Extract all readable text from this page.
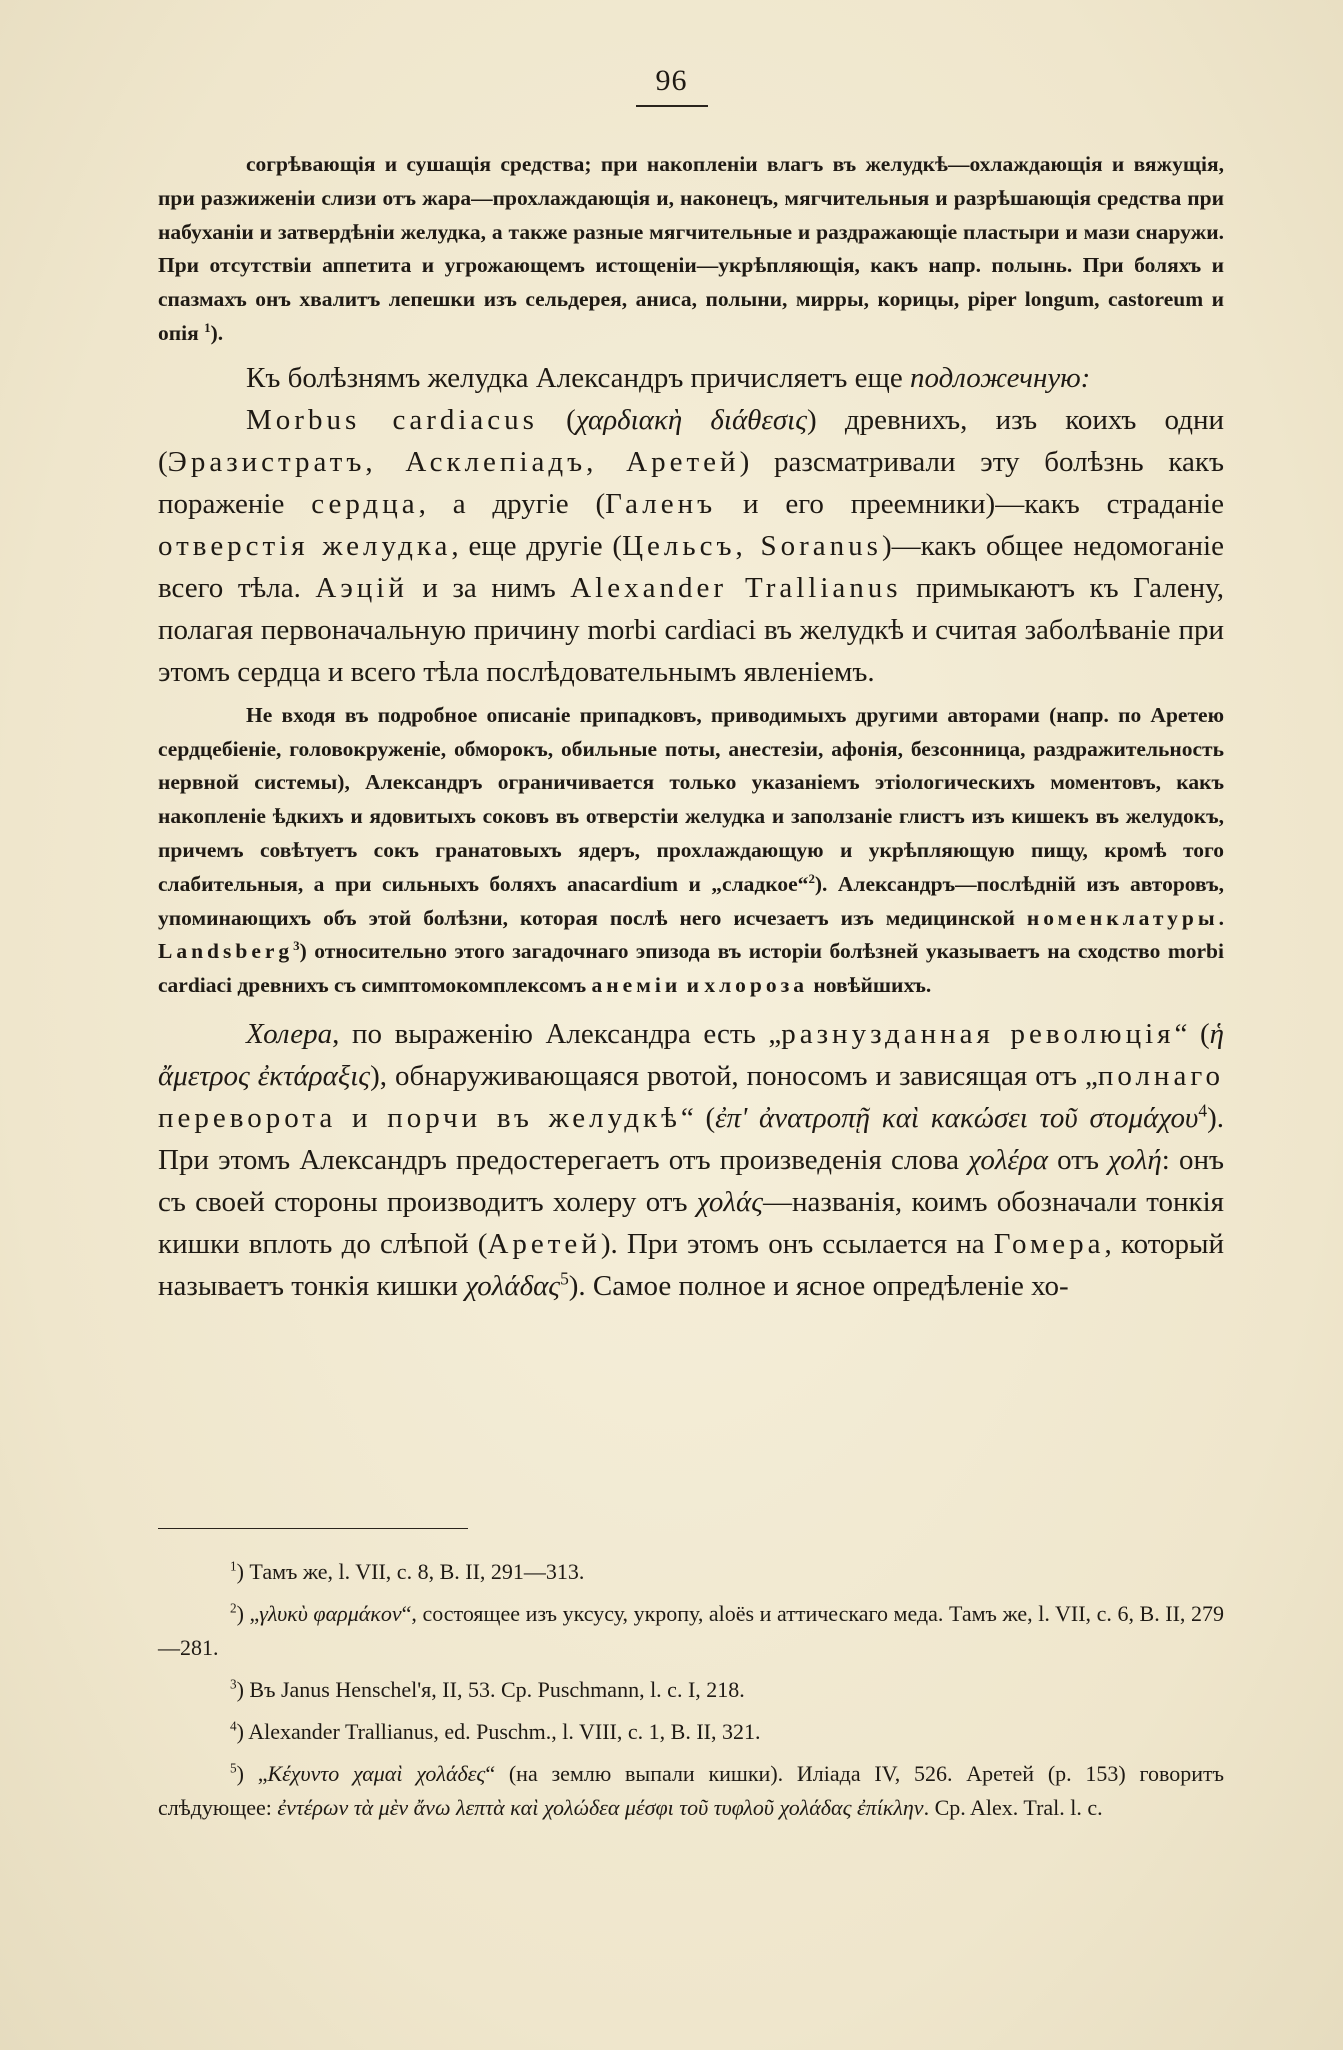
96

согрѣвающія и сушащія средства; при накопленіи влагъ въ желудкѣ—охлаждающія и вяжущія, при разжиженіи слизи отъ жара—прохлаждающія и, наконецъ, мягчительныя и разрѣшающія средства при набуханіи и затвердѣніи желудка, а также разные мягчительные и раздражающіе пластыри и мази снаружи. При отсутствіи аппетита и угрожающемъ истощеніи—укрѣпляющія, какъ напр. полынь. При боляхъ и спазмахъ онъ хвалитъ лепешки изъ сельдерея, аниса, полыни, мирры, корицы, piper longum, castoreum и опія $^1$).

Къ болѣзнямъ желудка Александръ причисляетъ еще подложечную:

Morbus cardiacus (χαρδιακὴ διάθεσις) древнихъ, изъ коихъ одни (Эразистратъ, Асклепіадъ, Аретей) разсматривали эту болѣзнь какъ пораженіе сердца, а другіе (Галенъ и его преемники)—какъ страданіе отверстія желудка, еще другіе (Цельсъ, Soranus)—какъ общее недомоганіе всего тѣла. Аэцій и за нимъ Alexander Trallianus примыкаютъ къ Галену, полагая первоначальную причину morbi cardiaci въ желудкѣ и считая заболѣваніе при этомъ сердца и всего тѣла послѣдовательнымъ явленіемъ.

Не входя въ подробное описаніе припадковъ, приводимыхъ другими авторами (напр. по Аретею сердцебіеніе, головокруженіе, обморокъ, обильные поты, анестезіи, афонія, безсонница, раздражительность нервной системы), Александръ ограничивается только указаніемъ этіологическихъ моментовъ, какъ накопленіе ѣдкихъ и ядовитыхъ соковъ въ отверстіи желудка и заползаніе глистъ изъ кишекъ въ желудокъ, причемъ совѣтуетъ сокъ гранатовыхъ ядеръ, прохлаждающую и укрѣпляющую пищу, кромѣ того слабительныя, а при сильныхъ боляхъ anacardium и „сладкое“$^2$). Александръ—послѣдній изъ авторовъ, упоминающихъ объ этой болѣзни, которая послѣ него исчезаетъ изъ медицинской номенклатуры. Landsberg$^3$) относительно этого загадочнаго эпизода въ исторіи болѣзней указываетъ на сходство morbi cardiaci древнихъ съ симптомокомплексомъ анеміи и хлороза новѣйшихъ.

Холера, по выраженію Александра есть „разнузданная революція“ (ἡ ἄμετρος ἐκτάραξις), обнаруживающаяся рвотой, поносомъ и зависящая отъ „полнаго переворота и порчи въ желудкѣ“ (ἐπ' ἀνατροπῇ καὶ κακώσει τοῦ στομάχου$^4$). При этомъ Александръ предостерегаетъ отъ произведенія слова χολέρα отъ χολή: онъ съ своей стороны производитъ холеру отъ χολάς—названія, коимъ обозначали тонкія кишки вплоть до слѣпой (Аретей). При этомъ онъ ссылается на Гомера, который называетъ тонкія кишки χολάδας$^5$). Самое полное и ясное опредѣленіе хо-

$^1$) Тамъ же, l. VII, c. 8, B. II, 291—313.

$^2$) „γλυκὺ φαρμάκον“, состоящее изъ уксусу, укропу, aloës и аттическаго меда. Тамъ же, l. VII, c. 6, B. II, 279—281.

$^3$) Въ Janus Henschel'я, II, 53. Cp. Puschmann, l. c. I, 218.

$^4$) Alexander Trallianus, ed. Puschm., l. VIII, c. 1, B. II, 321.

$^5$) „Κέχυντο χαμαὶ χολάδες“ (на землю выпали кишки). Иліада IV, 526. Аретей (p. 153) говоритъ слѣдующее: ἐντέρων τὰ μὲν ἄνω λεπτὰ καὶ χολώδεα μέσφι τοῦ τυφλοῦ χολάδας ἐπίκλην. Cp. Alex. Tral. l. c.
